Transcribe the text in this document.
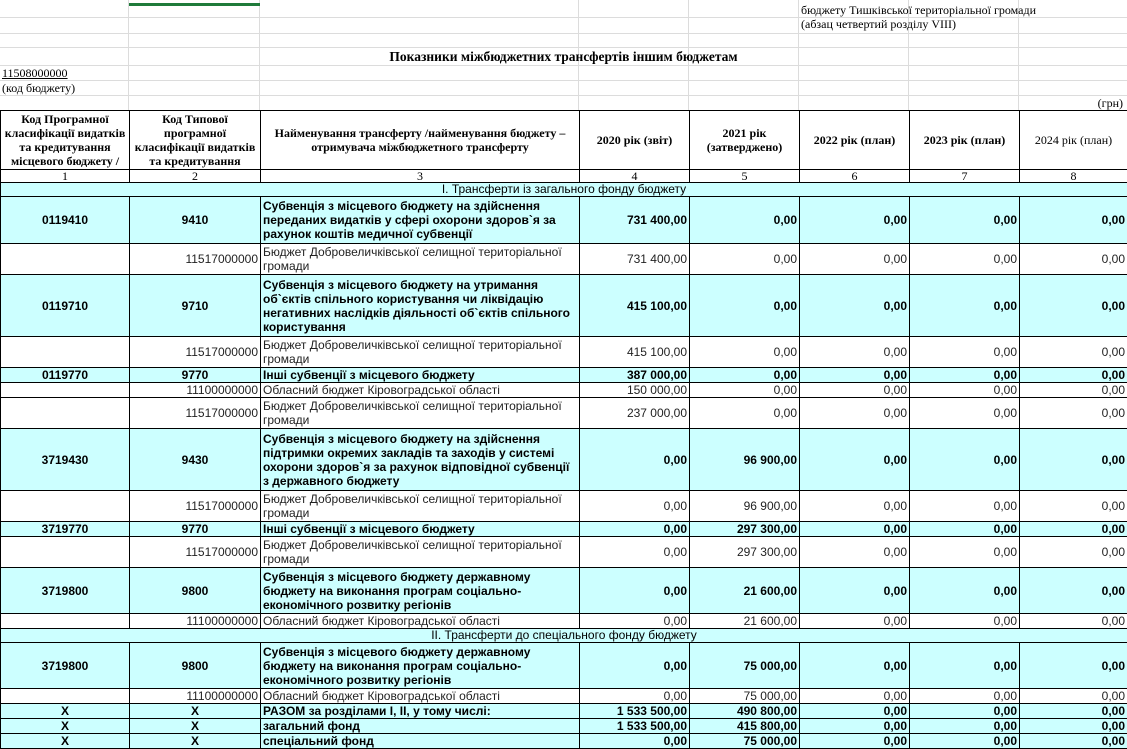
бюджету Тишківської територіальної громади
(абзац четвертий розділу VIII)
Показники міжбюджетних трансфертів іншим бюджетам
11508000000
(код бюджету)
(грн)
Код Програмної класифікації видатків та кредитування місцевого бюджету /	Код Типової програмної класифікації видатків та кредитування	Найменування трансферту /найменування бюджету – отримувача міжбюджетного трансферту	2020 рік (звіт)	2021 рік (затверджено)	2022 рік (план)	2023 рік (план)	2024 рік (план)
1	2	3	4	5	6	7	8
І. Трансферти із загального фонду бюджету							
0119410	9410	Субвенція з місцевого бюджету на здійснення переданих видатків у сфері охорони здоров`я за рахунок коштів медичної субвенції	731 400,00	0,00	0,00	0,00	0,00
	11517000000	Бюджет Добровеличківської селищної територіальної громади	731 400,00	0,00	0,00	0,00	0,00
0119710	9710	Субвенція з місцевого бюджету на утримання об`єктів спільного користування чи ліквідацію негативних наслідків діяльності об`єктів спільного користування	415 100,00	0,00	0,00	0,00	0,00
	11517000000	Бюджет Добровеличківської селищної територіальної громади	415 100,00	0,00	0,00	0,00	0,00
0119770	9770	Інші субвенції з місцевого бюджету	387 000,00	0,00	0,00	0,00	0,00
	11100000000	Обласний бюджет Кіровоградської області	150 000,00	0,00	0,00	0,00	0,00
	11517000000	Бюджет Добровеличківської селищної територіальної громади	237 000,00	0,00	0,00	0,00	0,00
3719430	9430	Субвенція з місцевого бюджету на здійснення підтримки окремих закладів та заходів у системі охорони здоров`я за рахунок відповідної субвенції з державного бюджету	0,00	96 900,00	0,00	0,00	0,00
	11517000000	Бюджет Добровеличківської селищної територіальної громади	0,00	96 900,00	0,00	0,00	0,00
3719770	9770	Інші субвенції з місцевого бюджету	0,00	297 300,00	0,00	0,00	0,00
	11517000000	Бюджет Добровеличківської селищної територіальної громади	0,00	297 300,00	0,00	0,00	0,00
3719800	9800	Субвенція з місцевого бюджету державному бюджету на виконання програм соціально-економічного розвитку регіонів	0,00	21 600,00	0,00	0,00	0,00
	11100000000	Обласний бюджет Кіровоградської області	0,00	21 600,00	0,00	0,00	0,00
ІІ. Трансферти до спеціального фонду бюджету							
3719800	9800	Субвенція з місцевого бюджету державному бюджету на виконання програм соціально-економічного розвитку регіонів	0,00	75 000,00	0,00	0,00	0,00
	11100000000	Обласний бюджет Кіровоградської області	0,00	75 000,00	0,00	0,00	0,00
X	X	РАЗОМ за розділами І, ІІ, у тому числі:	1 533 500,00	490 800,00	0,00	0,00	0,00
X	X	загальний фонд	1 533 500,00	415 800,00	0,00	0,00	0,00
X	X	спеціальний фонд	0,00	75 000,00	0,00	0,00	0,00
